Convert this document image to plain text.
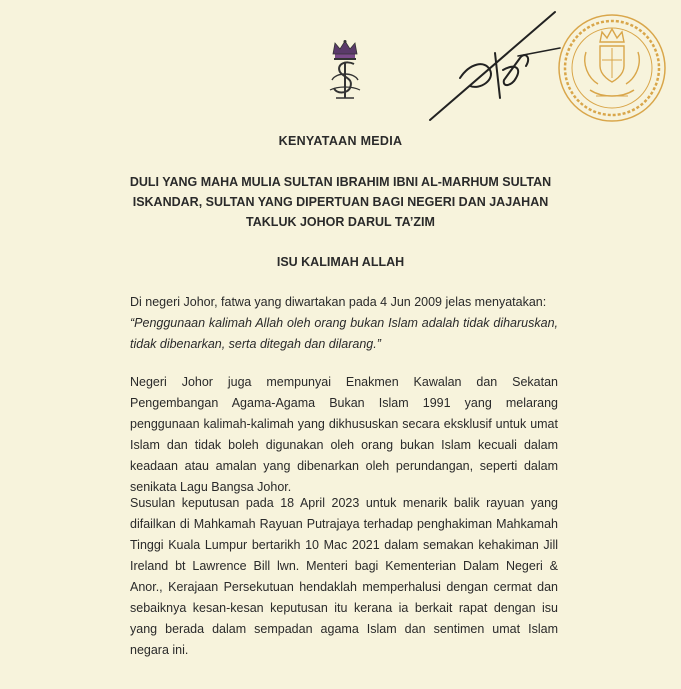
KENYATAAN MEDIA
DULI YANG MAHA MULIA SULTAN IBRAHIM IBNI AL-MARHUM SULTAN ISKANDAR, SULTAN YANG DIPERTUAN BAGI NEGERI DAN JAJAHAN TAKLUK JOHOR DARUL TA’ZIM
ISU KALIMAH ALLAH
Di negeri Johor, fatwa yang diwartakan pada 4 Jun 2009 jelas menyatakan:
“Penggunaan kalimah Allah oleh orang bukan Islam adalah tidak diharuskan, tidak dibenarkan, serta ditegah dan dilarang.”
Negeri Johor juga mempunyai Enakmen Kawalan dan Sekatan Pengembangan Agama-Agama Bukan Islam 1991 yang melarang penggunaan kalimah-kalimah yang dikhususkan secara eksklusif untuk umat Islam dan tidak boleh digunakan oleh orang bukan Islam kecuali dalam keadaan atau amalan yang dibenarkan oleh perundangan, seperti dalam senikata Lagu Bangsa Johor.
Susulan keputusan pada 18 April 2023 untuk menarik balik rayuan yang difailkan di Mahkamah Rayuan Putrajaya terhadap penghakiman Mahkamah Tinggi Kuala Lumpur bertarikh 10 Mac 2021 dalam semakan kehakiman Jill Ireland bt Lawrence Bill lwn. Menteri bagi Kementerian Dalam Negeri & Anor., Kerajaan Persekutuan hendaklah memperhalusi dengan cermat dan sebaiknya kesan-kesan keputusan itu kerana ia berkait rapat dengan isu yang berada dalam sempadan agama Islam dan sentimen umat Islam negara ini.
